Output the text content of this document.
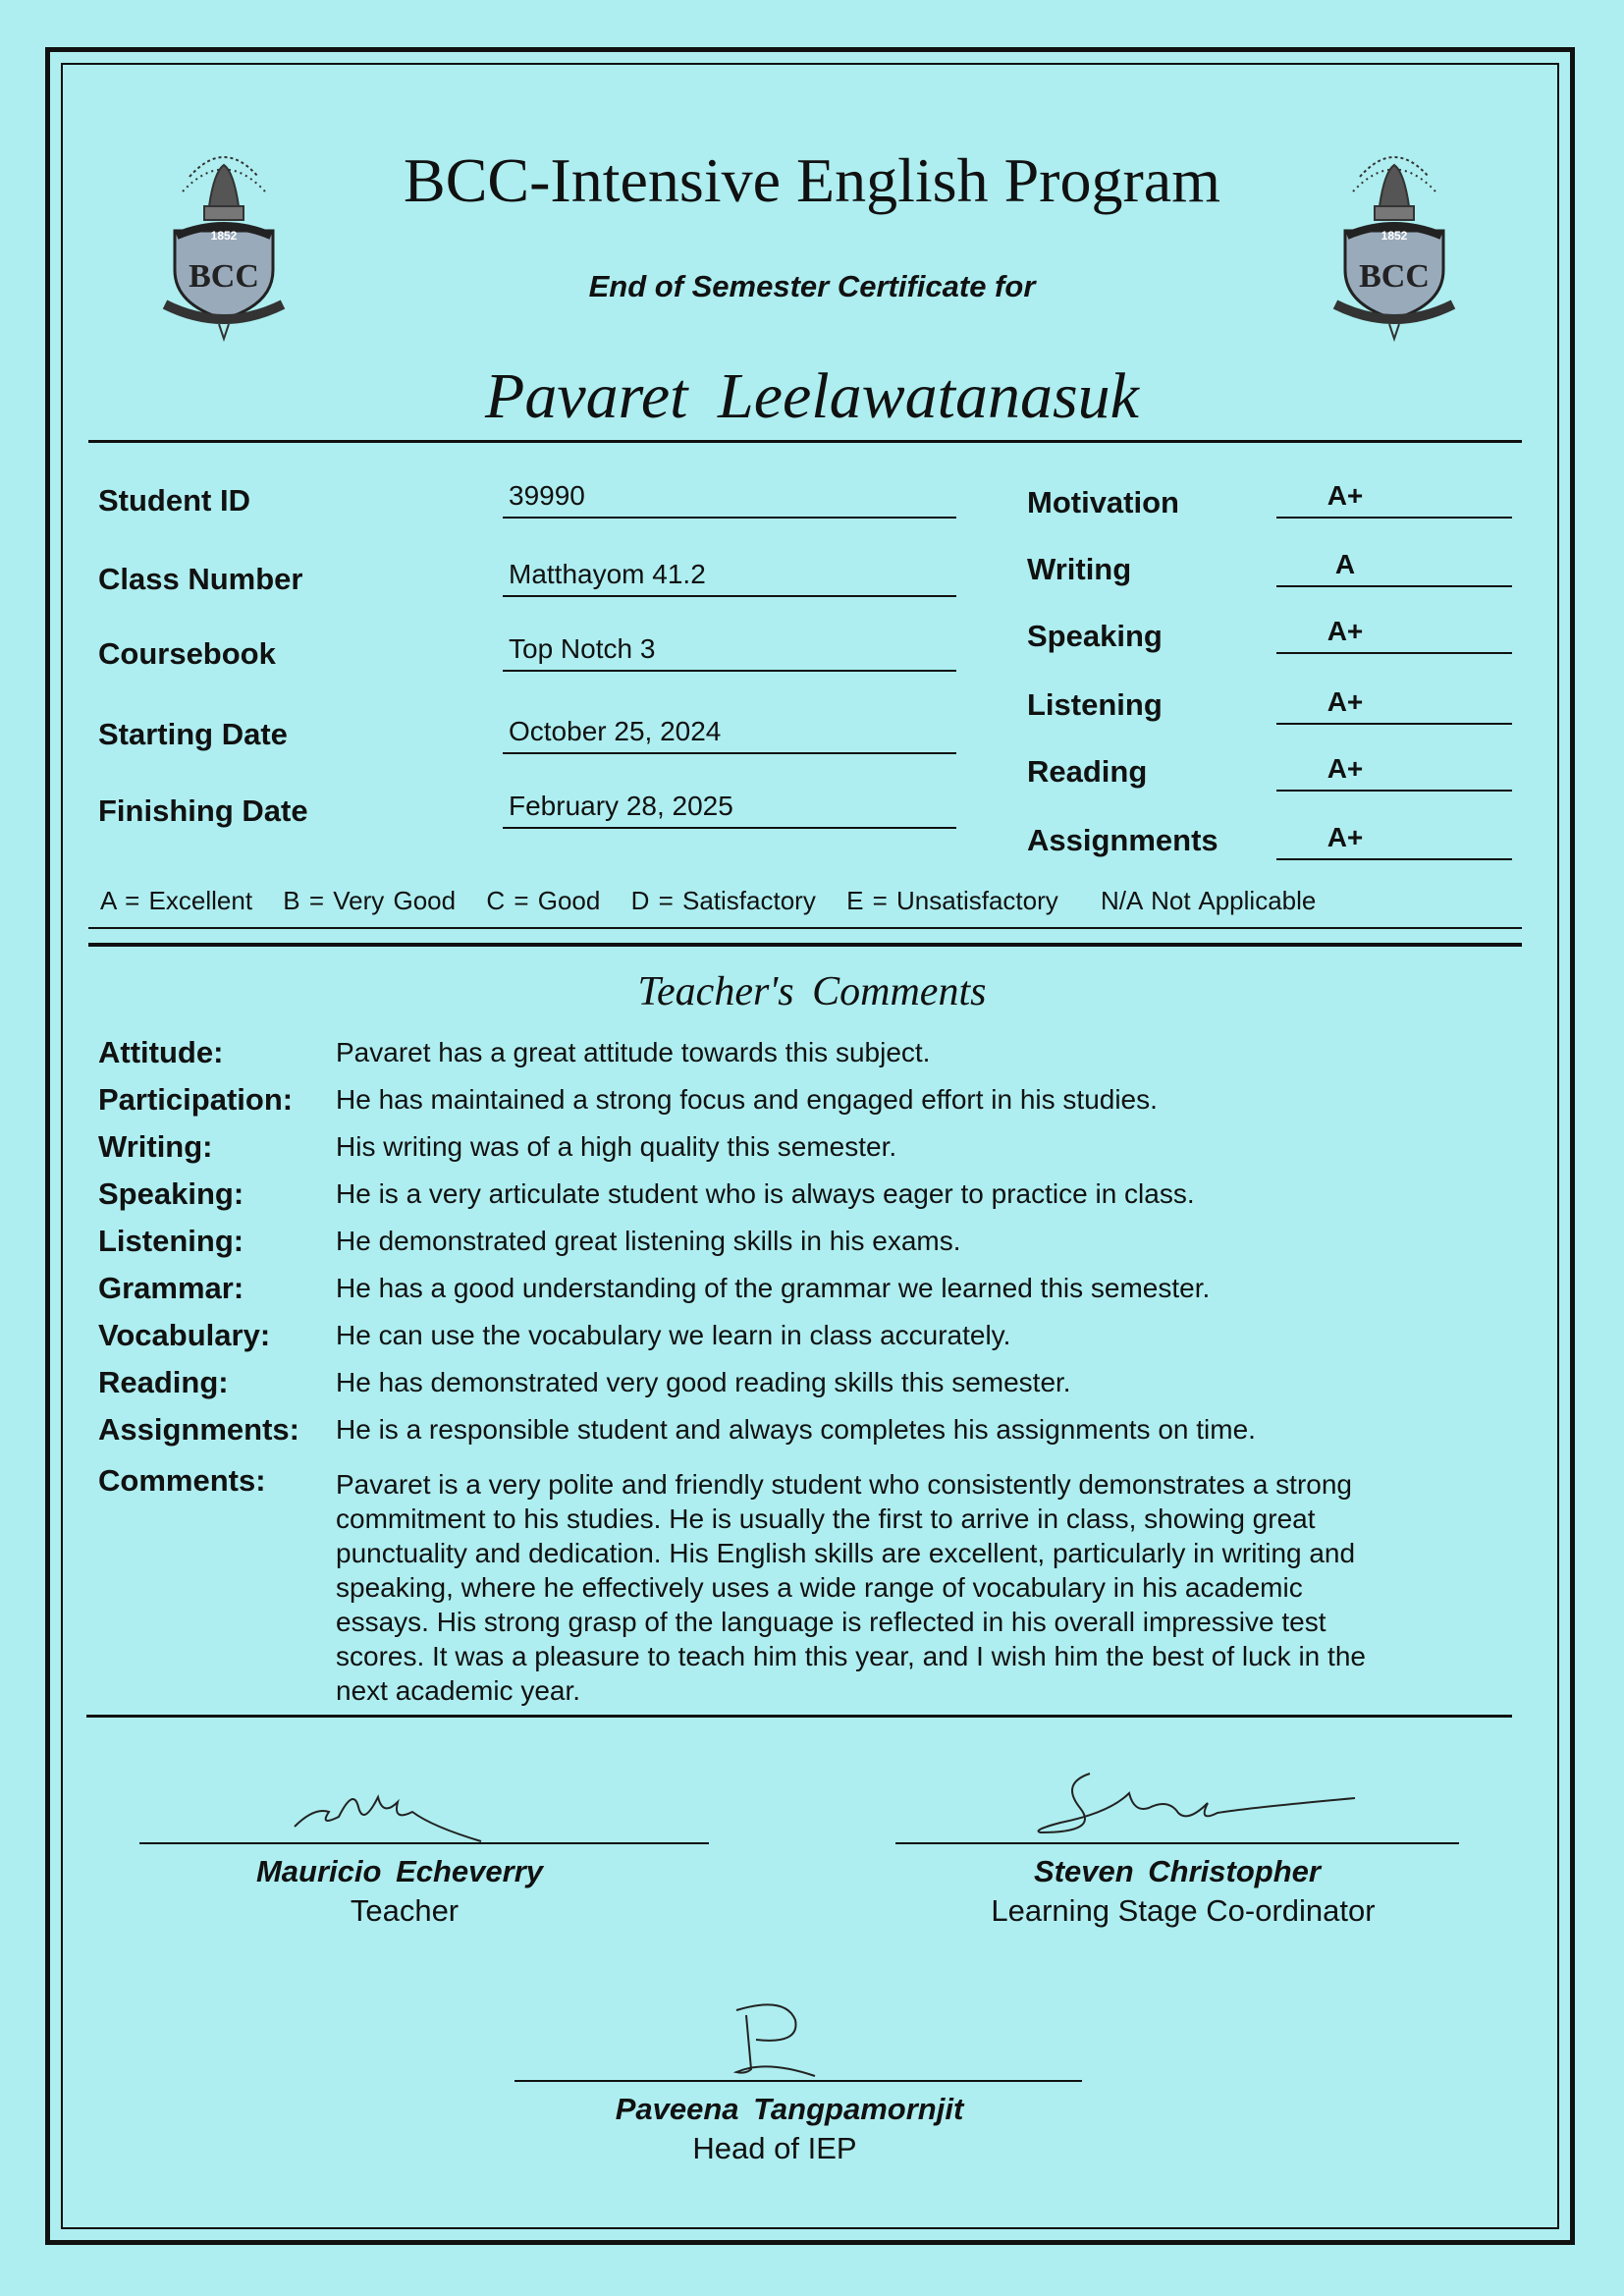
1852
BCC
1852
BCC
BCC-Intensive English Program
End of Semester Certificate for
Pavaret Leelawatanasuk
Student ID	39990
Class Number	Matthayom 41.2
Coursebook	Top Notch 3
Starting Date	October 25, 2024
Finishing Date	February 28, 2025
Motivation	A+
Writing	A
Speaking	A+
Listening	A+
Reading	A+
Assignments	A+
A = Excellent B = Very Good C = Good D = Satisfactory E = Unsatisfactory N/A Not Applicable
Teacher's Comments
Attitude:	Pavaret has a great attitude towards this subject.
Participation: He has maintained a strong focus and engaged effort in his studies.
Writing:	His writing was of a high quality this semester.
Speaking:	He is a very articulate student who is always eager to practice in class.
Listening:	He demonstrated great listening skills in his exams.
Grammar:	He has a good understanding of the grammar we learned this semester.
Vocabulary: He can use the vocabulary we learn in class accurately.
Reading:	He has demonstrated very good reading skills this semester.
Assignments: He is a responsible student and always completes his assignments on time.
Comments:	Pavaret is a very polite and friendly student who consistently demonstrates a strong
commitment to his studies. He is usually the first to arrive in class, showing great
punctuality and dedication. His English skills are excellent, particularly in writing and
speaking, where he effectively uses a wide range of vocabulary in his academic
essays. His strong grasp of the language is reflected in his overall impressive test
scores. It was a pleasure to teach him this year, and I wish him the best of luck in the
next academic year.
Mauricio Echeverry
Teacher
Steven Christopher
Learning Stage Co-ordinator
Paveena Tangpamornjit
Head of IEP
